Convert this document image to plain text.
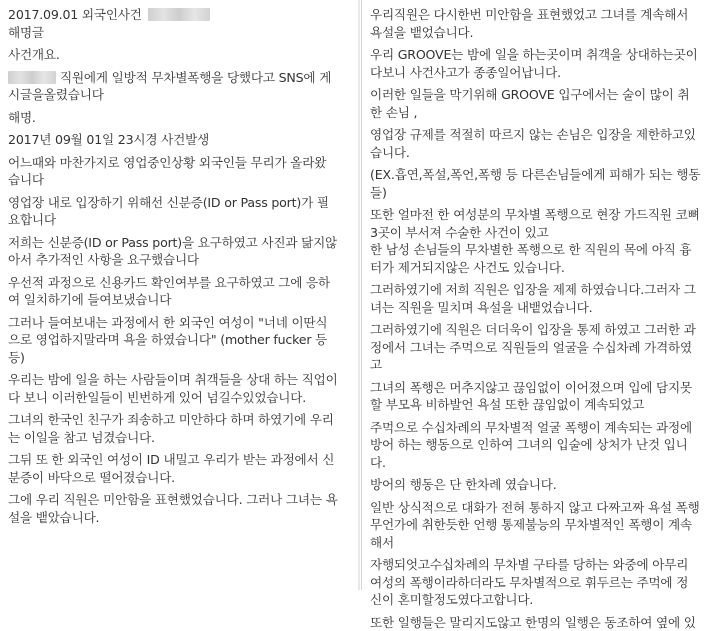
2017.09.01 외국인사건
해명글
사건개요.
직원에게 일방적 무차별폭행을 당했다고 SNS에 게
시글을올렸습니다
해명.
2017년 09월 01일 23시경 사건발생
어느때와 마찬가지로 영업중인상황 외국인들 무리가 올라왔
습니다
영업장 내로 입장하기 위해선 신분증(ID or Pass port)가 필
요합니다
저희는 신분증(ID or Pass port)을 요구하였고 사진과 닮지않
아서 추가적인 사항을 요구했습니다
우선적 과정으로 신용카드 확인여부를 요구하였고 그에 응하
여 일치하기에 들여보냈습니다
그러나 들여보내는 과정에서 한 외국인 여성이 "너네 이딴식
으로 영업하지말라며 욕을 하였습니다" (mother fucker 등
등)
우리는 밤에 일을 하는 사람들이며 취객들을 상대 하는 직업이
다 보니 이러한일들이 빈번하게 있어 넘길수있었습니다.
그녀의 한국인 친구가 죄송하고 미안하다 하며 하였기에 우리
는 이일을 참고 넘겼습니다.
그뒤 또 한 외국인 여성이 ID 내밀고 우리가 받는 과정에서 신
분증이 바닥으로 떨어졌습니다.
그에 우리 직원은 미안함을 표현했었습니다. 그러나 그녀는 욕
설을 뱉았습니다.
우리직원은 다시한번 미안함을 표현했었고 그녀를 계속해서
욕설을 뱉었습니다.
우리 GROOVE는 밤에 일을 하는곳이며 취객을 상대하는곳이
다보니 사건사고가 종종일어납니다.
이러한 일들을 막기위해 GROOVE 입구에서는 술이 많이 취
한 손님 ,
영업장 규제를 적절히 따르지 않는 손님은 입장을 제한하고있
습니다.
(EX.흡연,폭설,폭언,폭행 등 다른손님들에게 피해가 되는 행동
들)
또한 얼마전 한 여성분의 무차별 폭행으로 현장 가드직원 코뼈
3곳이 부서져 수술한 사건이 있고
한 남성 손님들의 무차별한 폭행으로 한 직원의 목에 아직 흉
터가 제거되지않은 사건도 있습니다.
그러하였기에 저희 직원은 입장을 제제 하였습니다.그러자 그
녀는 직원을 밀치며 욕설을 내뱉었습니다.
그러하였기에 직원은 더더욱이 입장을 통제 하였고 그러한 과
정에서 그녀는 주먹으로 직원들의 얼굴을 수십차례 가격하였
고
그녀의 폭행은 머추지않고 끊임없이 이어졌으며 입에 담지못
할 부모욕 비하발언 욕설 또한 끊임없이 계속되었고
주먹으로 수십차례의 무차별적 얼굴 폭행이 계속되는 과정에
방어 하는 행동으로 인하여 그녀의 입술에 상처가 난것 입니
다.
방어의 행동은 단 한차례 였습니다.
일반 상식적으로 대화가 전혀 통하지 않고 다짜고짜 욕설 폭행
무언가에 취한듯한 언행 통제불능의 무차별적인 폭행이 계속
해서
자행되엇고수십차례의 무차별 구타를 당하는 와중에 아무리
여성의 폭행이라하더라도 무차별적으로 휘두르는 주먹에 정
신이 혼미할정도였다고합니다.
또한 일행들은 말리지도않고 한명의 일행은 동조하여 옆에 있
